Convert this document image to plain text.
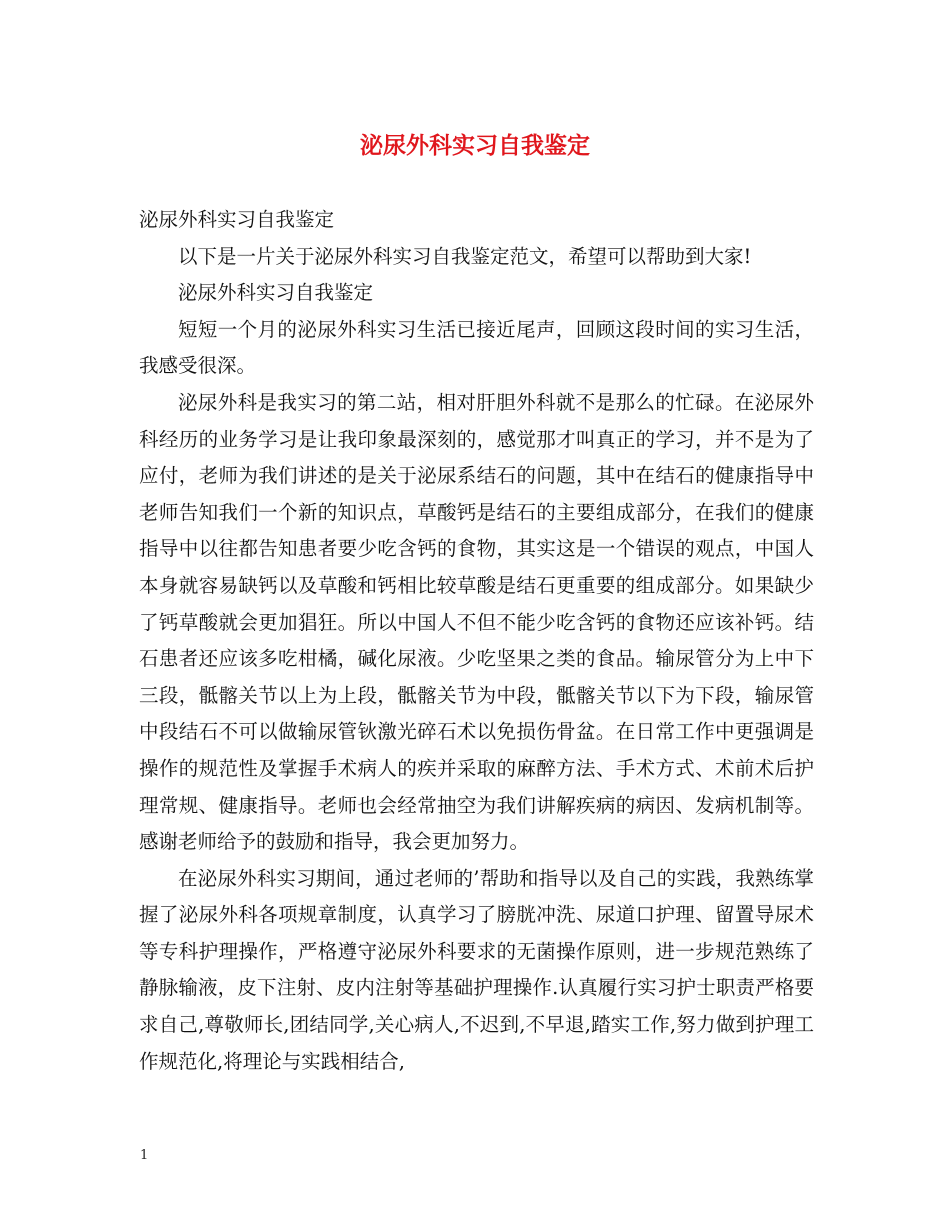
泌尿外科实习自我鉴定

泌尿外科实习自我鉴定

以下是一片关于泌尿外科实习自我鉴定范文，希望可以帮助到大家!

泌尿外科实习自我鉴定

短短一个月的泌尿外科实习生活已接近尾声，回顾这段时间的实习生活，我感受很深。

泌尿外科是我实习的第二站，相对肝胆外科就不是那么的忙碌。在泌尿外科经历的业务学习是让我印象最深刻的，感觉那才叫真正的学习，并不是为了应付，老师为我们讲述的是关于泌尿系结石的问题，其中在结石的健康指导中老师告知我们一个新的知识点，草酸钙是结石的主要组成部分，在我们的健康指导中以往都告知患者要少吃含钙的食物，其实这是一个错误的观点，中国人本身就容易缺钙以及草酸和钙相比较草酸是结石更重要的组成部分。如果缺少了钙草酸就会更加猖狂。所以中国人不但不能少吃含钙的食物还应该补钙。结石患者还应该多吃柑橘，碱化尿液。少吃坚果之类的食品。输尿管分为上中下三段，骶髂关节以上为上段，骶髂关节为中段，骶髂关节以下为下段，输尿管中段结石不可以做输尿管钬激光碎石术以免损伤骨盆。在日常工作中更强调是操作的规范性及掌握手术病人的疾并采取的麻醉方法、手术方式、术前术后护理常规、健康指导。老师也会经常抽空为我们讲解疾病的病因、发病机制等。感谢老师给予的鼓励和指导，我会更加努力。

在泌尿外科实习期间，通过老师的’帮助和指导以及自己的实践，我熟练掌握了泌尿外科各项规章制度，认真学习了膀胱冲洗、尿道口护理、留置导尿术等专科护理操作，严格遵守泌尿外科要求的无菌操作原则，进一步规范熟练了静脉输液，皮下注射、皮内注射等基础护理操作.认真履行实习护士职责严格要求自己,尊敬师长,团结同学,关心病人,不迟到,不早退,踏实工作,努力做到护理工作规范化,将理论与实践相结合,

1
